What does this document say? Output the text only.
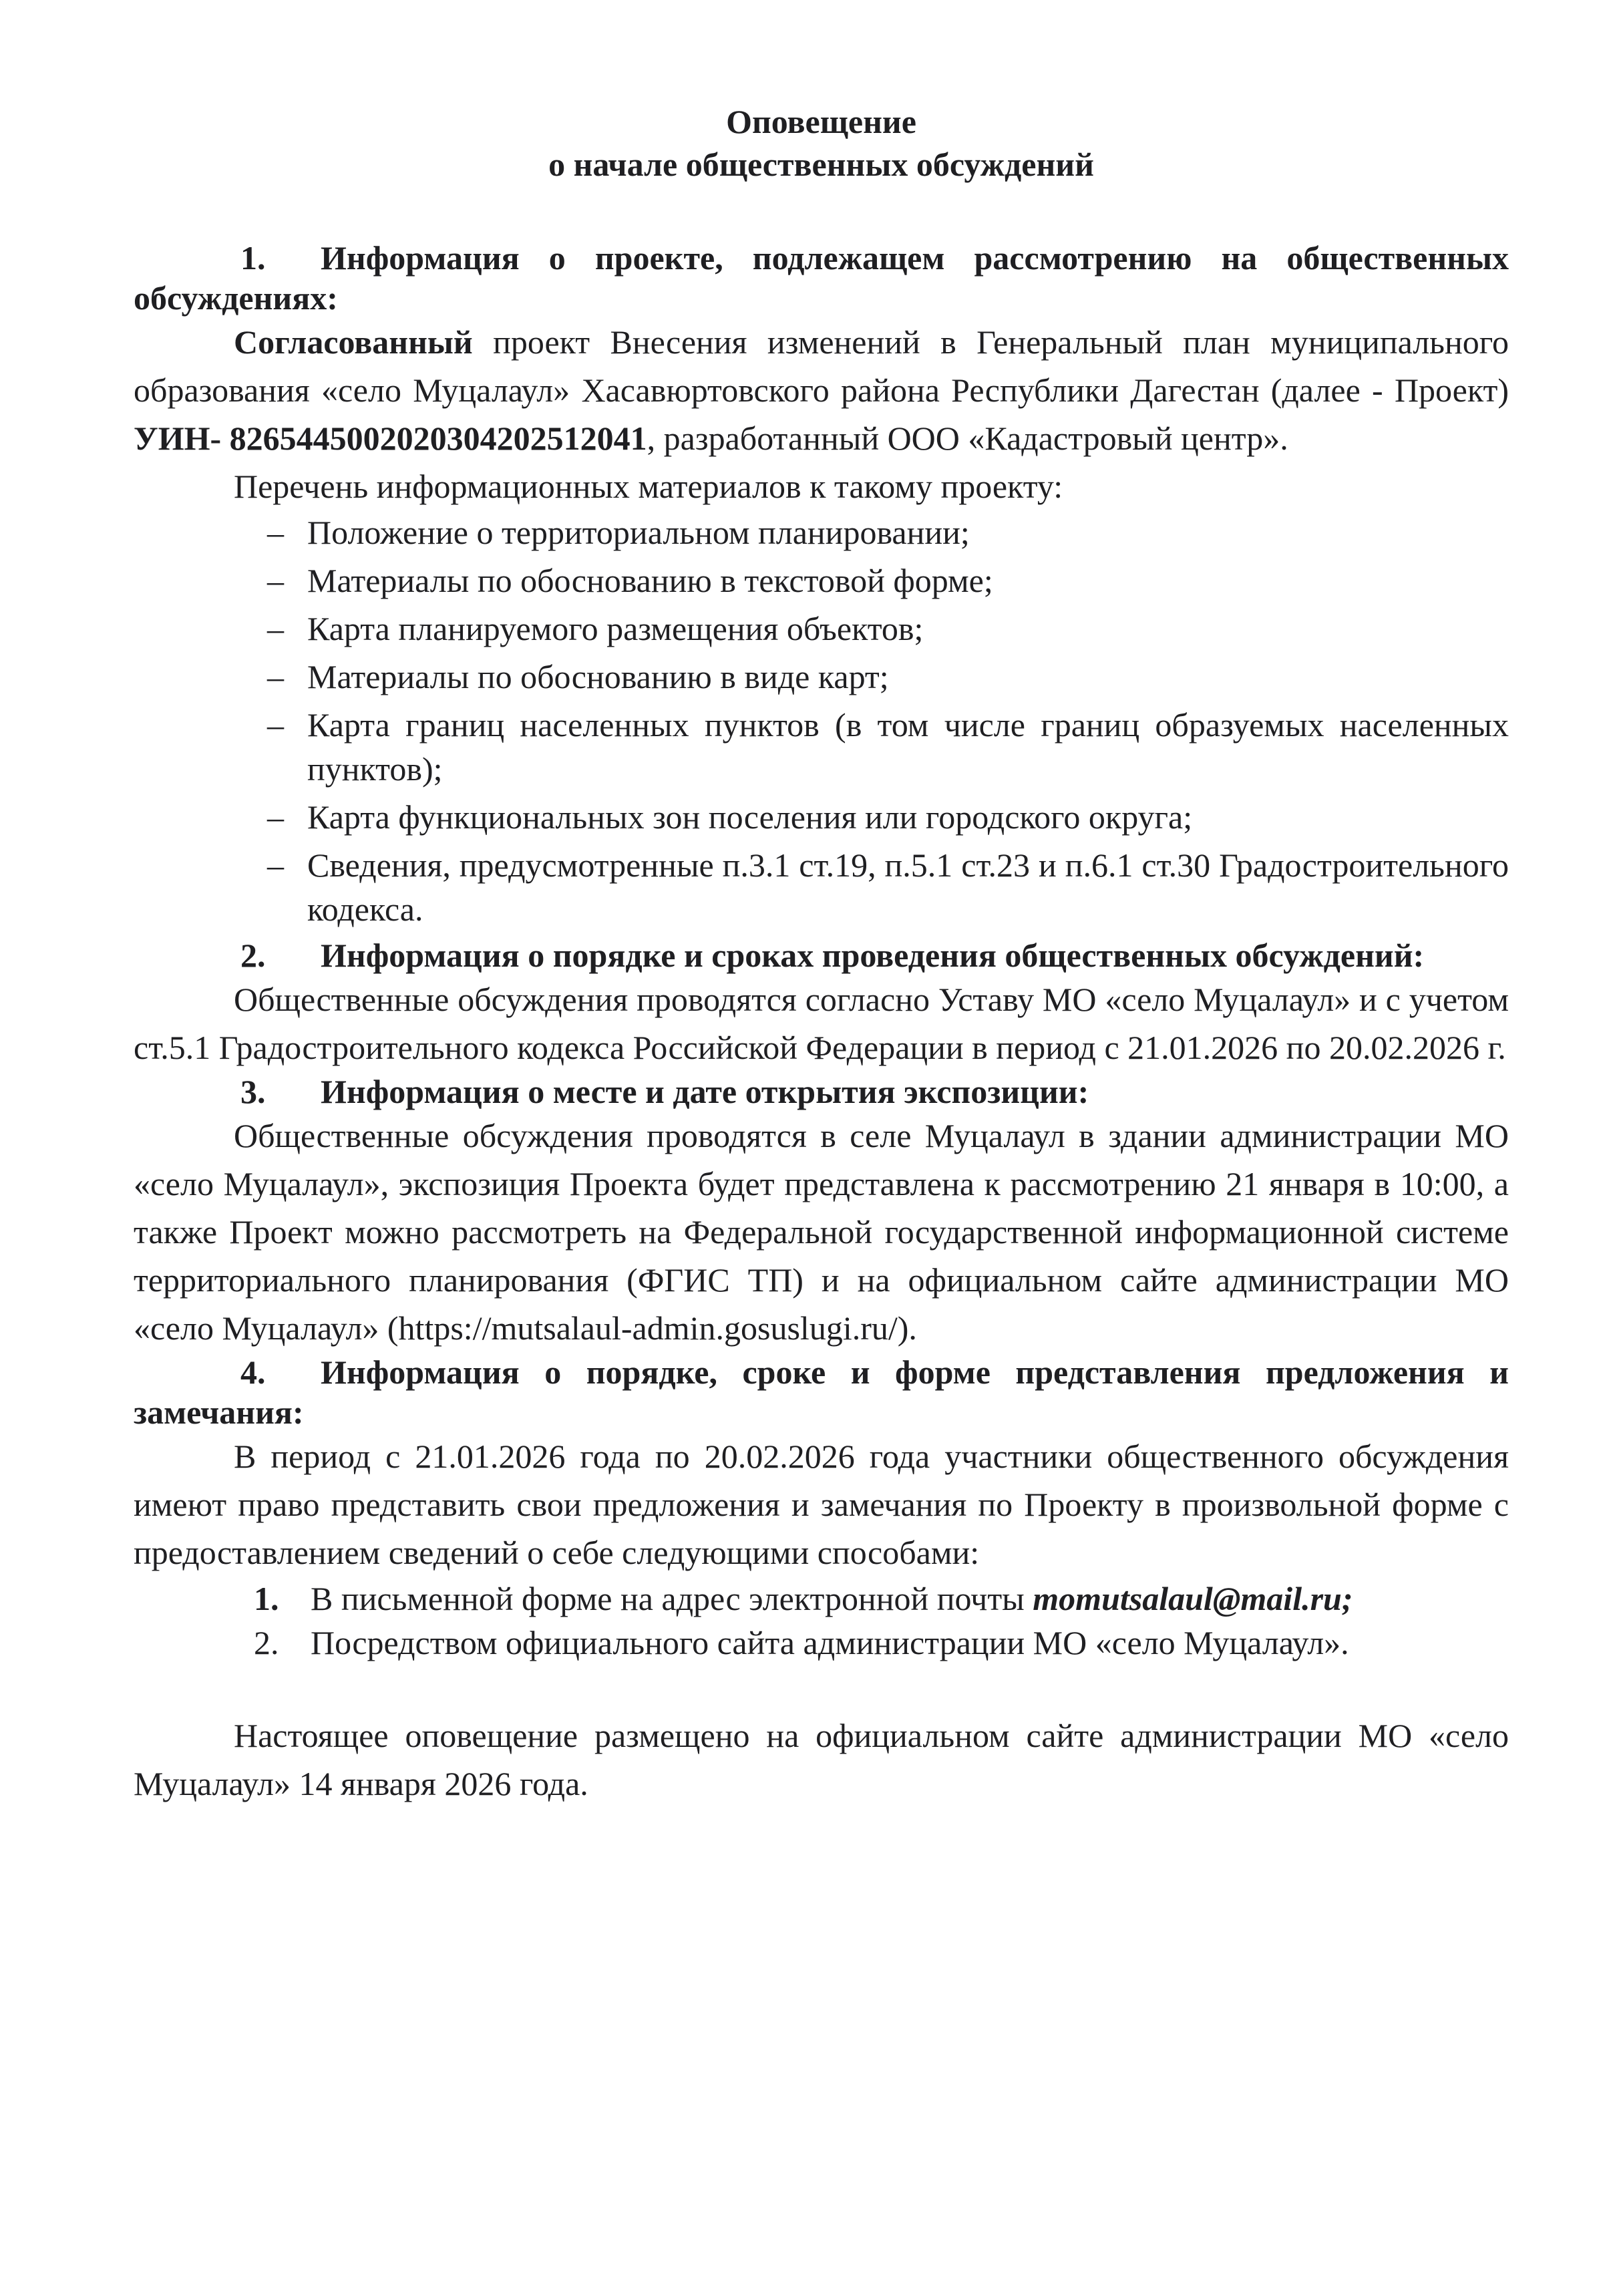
Оповещение
о начале общественных обсуждений

1. Информация о проекте, подлежащем рассмотрению на общественных обсуждениях:

Согласованный проект Внесения изменений в Генеральный план муниципального образования «село Муцалаул» Хасавюртовского района Республики Дагестан (далее - Проект) УИН- 82654450020203042025120​41, разработанный ООО «Кадастровый центр».

Перечень информационных материалов к такому проекту:

– Положение о территориальном планировании;
– Материалы по обоснованию в текстовой форме;
– Карта планируемого размещения объектов;
– Материалы по обоснованию в виде карт;
– Карта границ населенных пунктов (в том числе границ образуемых населенных пунктов);
– Карта функциональных зон поселения или городского округа;
– Сведения, предусмотренные п.3.1 ст.19, п.5.1 ст.23 и п.6.1 ст.30 Градостроительного кодекса.

2. Информация о порядке и сроках проведения общественных обсуждений:

Общественные обсуждения проводятся согласно Уставу МО «село Муцалаул» и с учетом ст.5.1 Градостроительного кодекса Российской Федерации в период с 21.01.2026 по 20.02.2026 г.

3. Информация о месте и дате открытия экспозиции:

Общественные обсуждения проводятся в селе Муцалаул в здании администрации МО «село Муцалаул», экспозиция Проекта будет представлена к рассмотрению 21 января в 10:00, а также Проект можно рассмотреть на Федеральной государственной информационной системе территориального планирования (ФГИС ТП) и на официальном сайте администрации МО «село Муцалаул» (https://mutsalaul-admin.gosuslugi.ru/).

4. Информация о порядке, сроке и форме представления предложения и замечания:

В период с 21.01.2026 года по 20.02.2026 года участники общественного обсуждения имеют право представить свои предложения и замечания по Проекту в произвольной форме с предоставлением сведений о себе следующими способами:

1. В письменной форме на адрес электронной почты momutsalaul@mail.ru;
2. Посредством официального сайта администрации МО «село Муцалаул».

Настоящее оповещение размещено на официальном сайте администрации МО «село Муцалаул» 14 января 2026 года.
